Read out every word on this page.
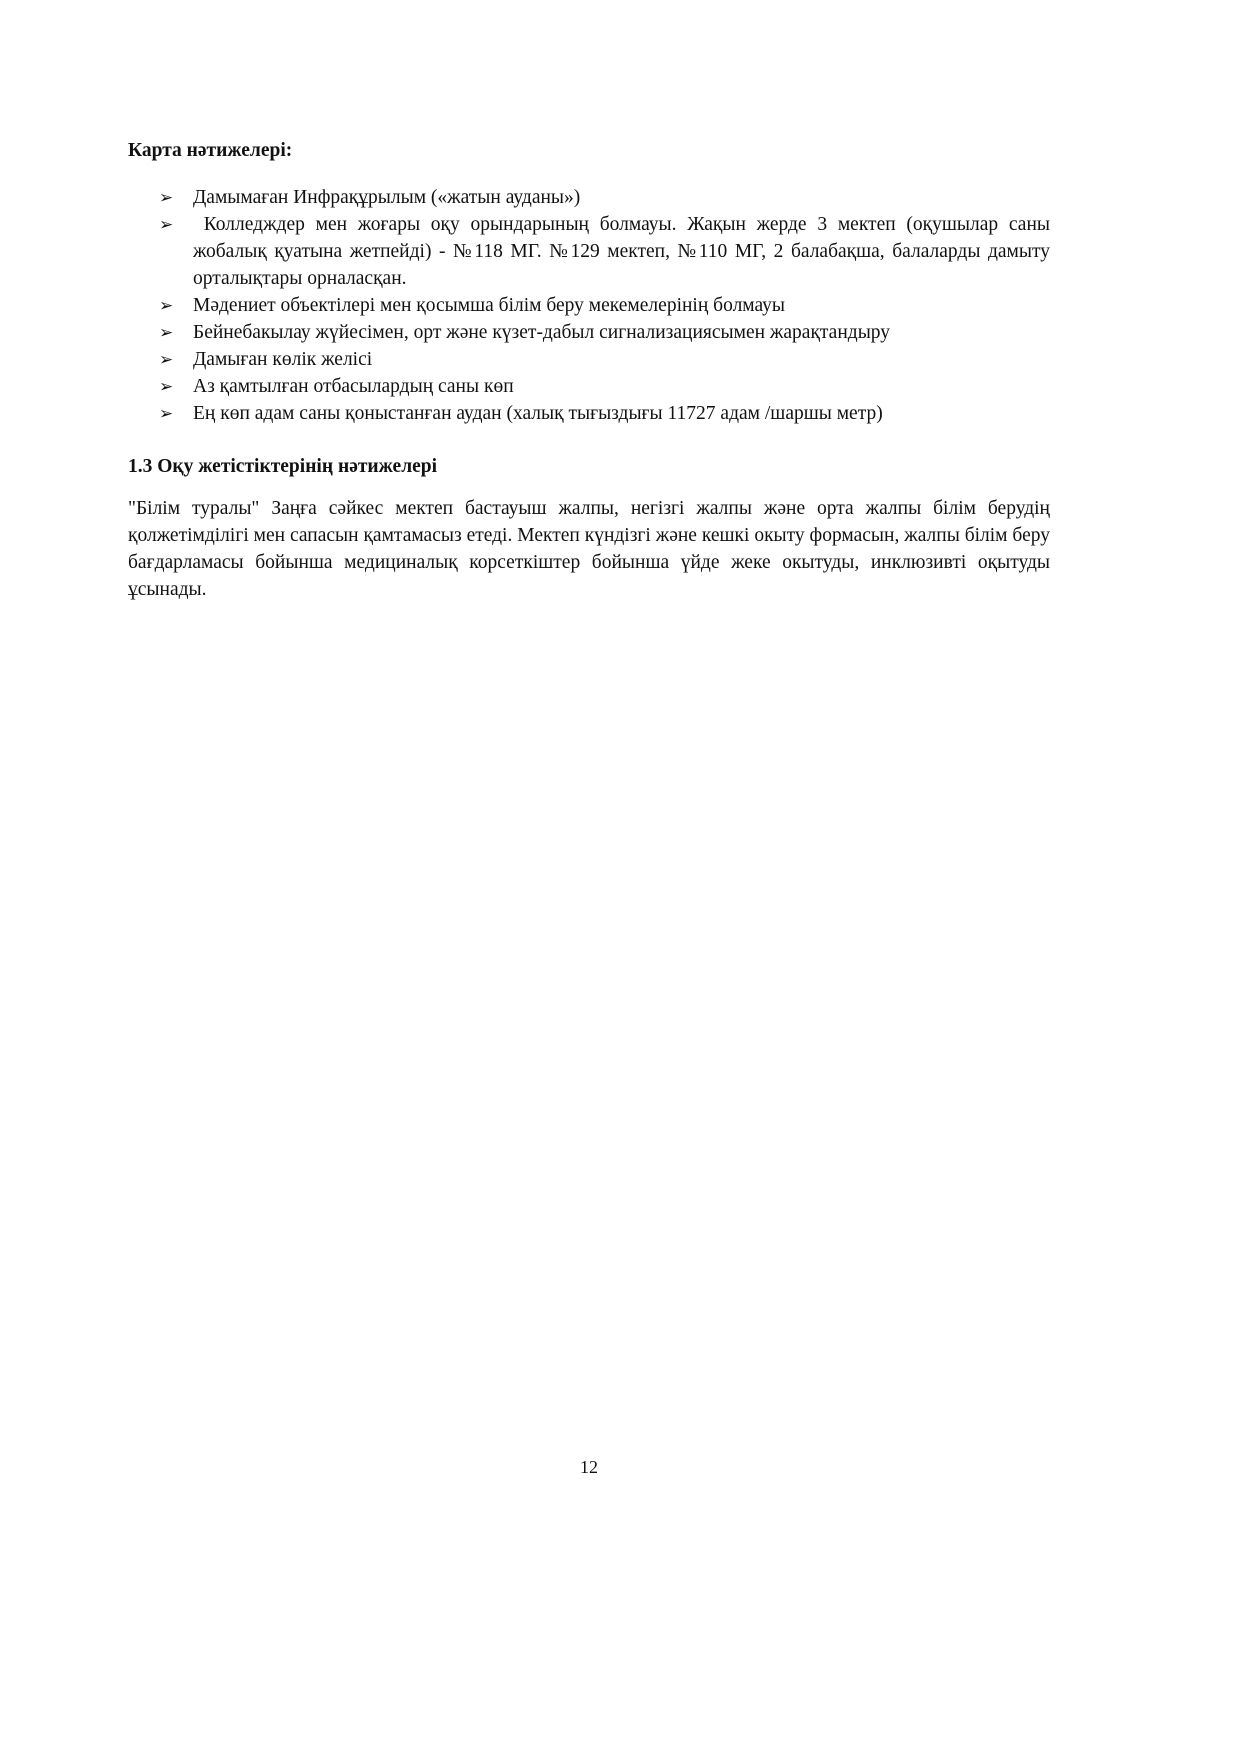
Карта нәтижелері:

➢ Дамымаған Инфрақұрылым («жатын ауданы»)
➢ Колледждер мен жоғары оқу орындарының болмауы. Жақын жерде 3 мектеп (оқушылар саны жобалық қуатына жетпейді) - №118 МГ. №129 мектеп, №110 МГ, 2 балабақша, балаларды дамыту орталықтары орналасқан.
➢ Мәдениет объектілері мен қосымша білім беру мекемелерінің болмауы
➢ Бейнебакылау жүйесімен, орт және күзет-дабыл сигнализациясымен жарақтандыру
➢ Дамыған көлік желісі
➢ Аз қамтылған отбасылардың саны көп
➢ Ең көп адам саны қоныстанған аудан (халық тығыздығы 11727 адам /шаршы метр)

1.3 Оқу жетістіктерінің нәтижелері

"Білім туралы" Заңға сәйкес мектеп бастауыш жалпы, негізгі жалпы және орта жалпы білім берудің қолжетімділігі мен сапасын қамтамасыз етеді. Мектеп күндізгі және кешкі окыту формасын, жалпы білім беру бағдарламасы бойынша медициналық корсеткіштер бойынша үйде жеке окытуды, инклюзивті оқытуды ұсынады.

12
